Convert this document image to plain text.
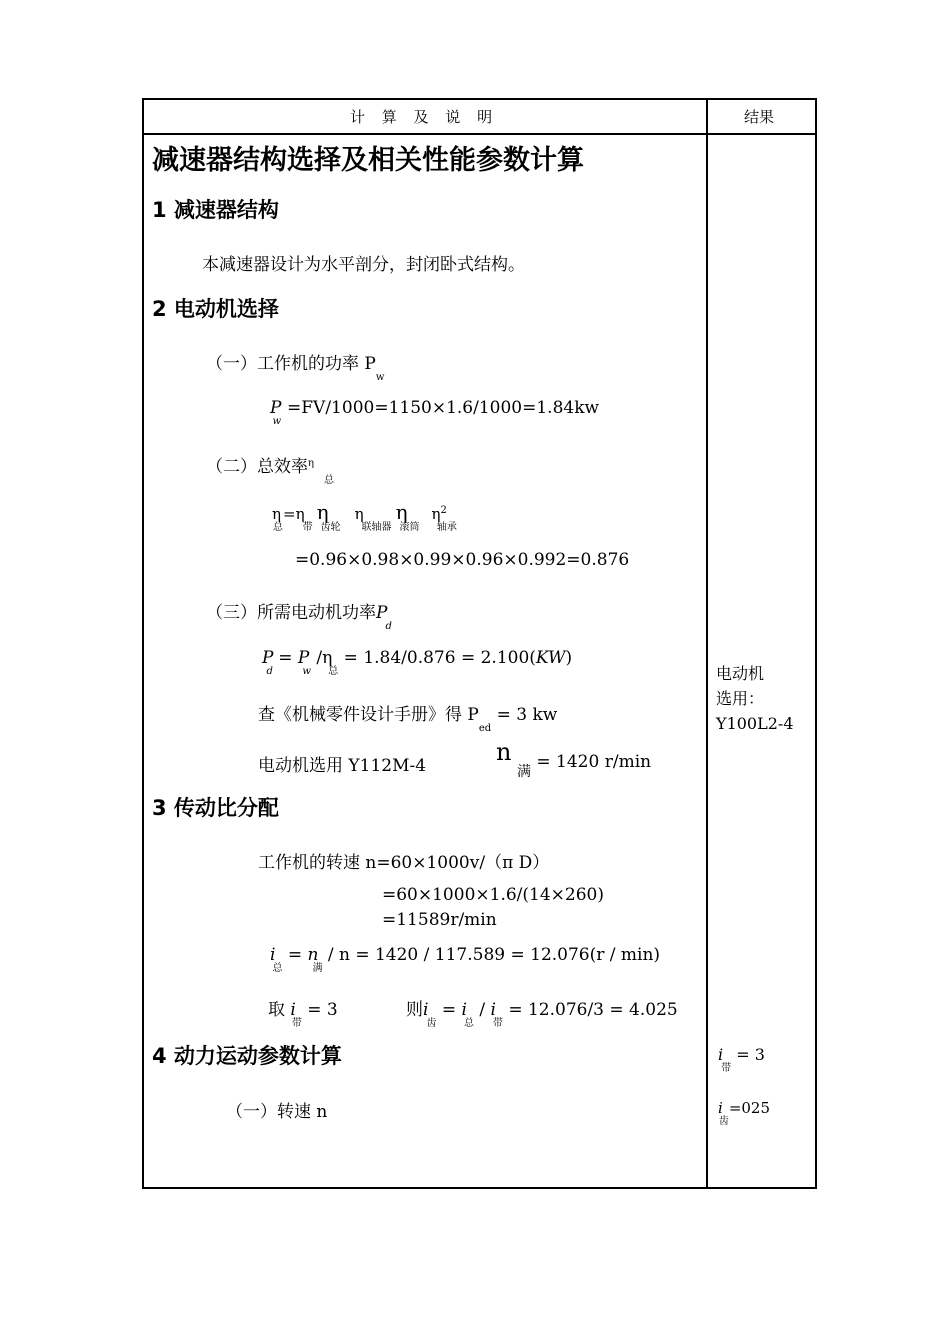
计 算 及 说 明	结果
减速器结构选择及相关性能参数计算
1 减速器结构
本减速器设计为水平剖分，封闭卧式结构。
2 电动机选择
（一）工作机的功率 $P_w$
$P_w=FV/1000=1150\times 1.6/1000=1.84kw$
（二）总效率$^\eta_总$
$\eta_总=\eta_带\eta_{齿轮}\eta_{联轴器}\eta_{滚筒}\eta^2_{轴承}$
=0.96×0.98×0.99×0.96×0.992=0.876
（三）所需电动机功率$P_d$
$P_d = P_w$ $/\eta_总 = 1.84/0.876 = 2.100(KW)$
查《机械零件设计手册》得 $P_{ed} = 3$ kw
电动机选用 Y112M-4	n
$_满$ = 1420 r/min
3 传动比分配
工作机的转速 n=60×1000v/（π D）
=60×1000×1.6/(14×260)
=11589r/min
$i_总 = n_满 / n = 1420 / 117.589 = 12.076(r / \min)$
取 $i_带 = 3$	则$i_齿 = i_总 / i_带 = 12.076/3 = 4.025$
4 动力运动参数计算
（一）转速 n
电动机
选用：
Y100L2-4
$i_带 = 3$
$i_齿=025$
